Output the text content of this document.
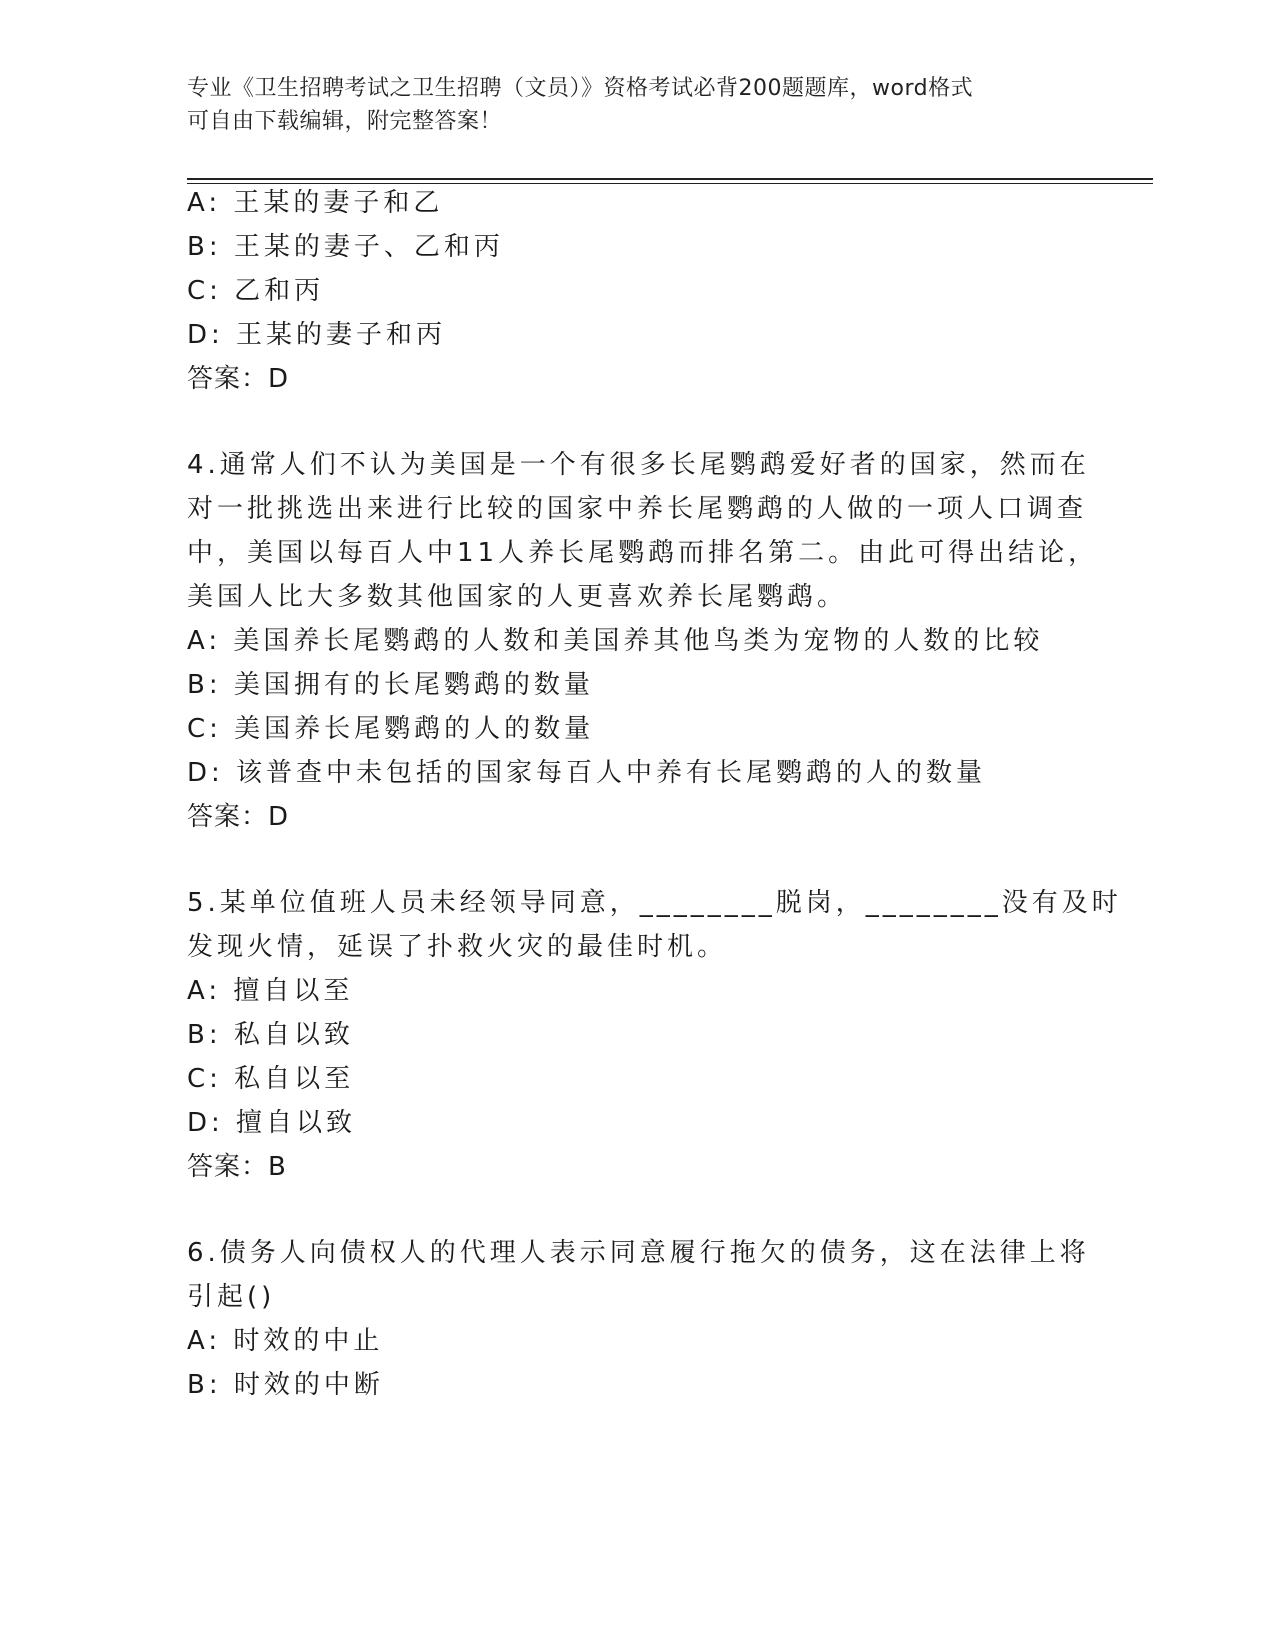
专业《卫生招聘考试之卫生招聘（文员）》资格考试必背200题题库，word格式
可自由下载编辑，附完整答案！
A: 王某的妻子和乙
B: 王某的妻子、乙和丙
C: 乙和丙
D: 王某的妻子和丙
答案：D
4.通常人们不认为美国是一个有很多长尾鹦鹉爱好者的国家，然而在
对一批挑选出来进行比较的国家中养长尾鹦鹉的人做的一项人口调查
中，美国以每百人中11人养长尾鹦鹉而排名第二。由此可得出结论，
美国人比大多数其他国家的人更喜欢养长尾鹦鹉。
A: 美国养长尾鹦鹉的人数和美国养其他鸟类为宠物的人数的比较
B: 美国拥有的长尾鹦鹉的数量
C: 美国养长尾鹦鹉的人的数量
D: 该普查中未包括的国家每百人中养有长尾鹦鹉的人的数量
答案：D
5.某单位值班人员未经领导同意，________脱岗，________没有及时
发现火情，延误了扑救火灾的最佳时机。
A: 擅自以至
B: 私自以致
C: 私自以至
D: 擅自以致
答案：B
6.债务人向债权人的代理人表示同意履行拖欠的债务，这在法律上将
引起()
A: 时效的中止
B: 时效的中断
